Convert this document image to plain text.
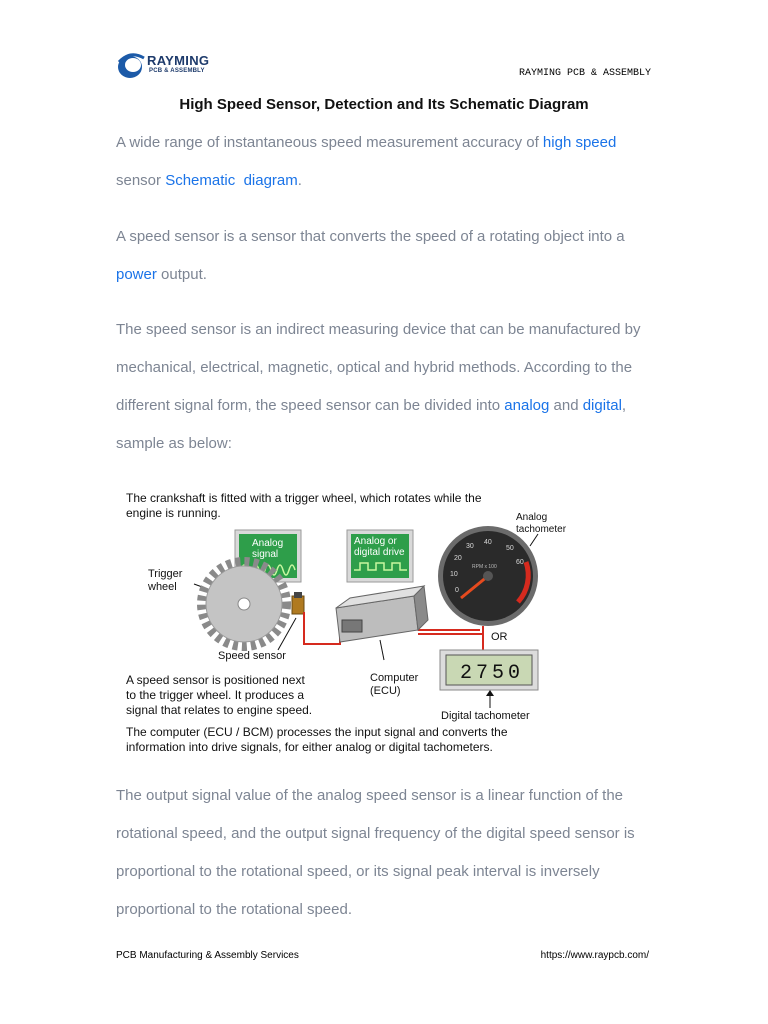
RAYMING
PCB & ASSEMBLY	RAYMING PCB & ASSEMBLY
High Speed Sensor, Detection and Its Schematic Diagram

A wide range of instantaneous speed measurement accuracy of high speed sensor Schematic  diagram.

A speed sensor is a sensor that converts the speed of a rotating object into a power output.

The speed sensor is an indirect measuring device that can be manufactured by mechanical, electrical, magnetic, optical and hybrid methods. According to the different signal form, the speed sensor can be divided into analog and digital, sample as below:

The crankshaft is fitted with a trigger wheel, which rotates while the
engine is running.
Analog
signal
Analog or
digital drive
Analog
tachometer
0
10
20
30
40
50
60
RPM x 100
Trigger
wheel
Speed sensor
Computer
(ECU)
OR
2750
Digital tachometer
A speed sensor is positioned next
to the trigger wheel. It produces a
signal that relates to engine speed.
The computer (ECU / BCM) processes the input signal and converts the
information into drive signals, for either analog or digital tachometers.

The output signal value of the analog speed sensor is a linear function of the rotational speed, and the output signal frequency of the digital speed sensor is proportional to the rotational speed, or its signal peak interval is inversely proportional to the rotational speed.

PCB Manufacturing & Assembly Services	https://www.raypcb.com/
